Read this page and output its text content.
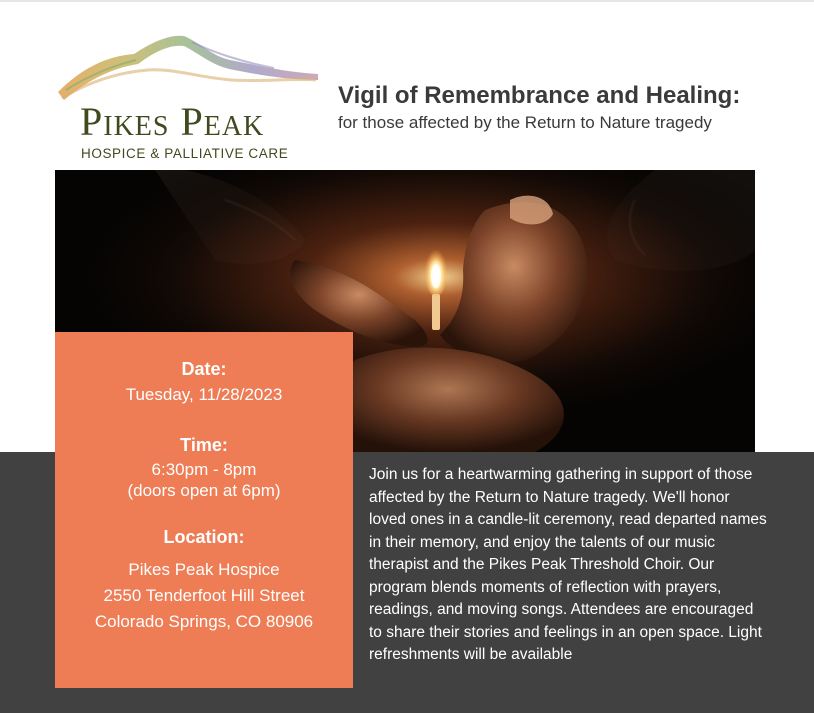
Pikes Peak
HOSPICE & PALLIATIVE CARE
Vigil of Remembrance and Healing:
for those affected by the Return to Nature tragedy
Date:
Tuesday, 11/28/2023
Time:
6:30pm - 8pm
(doors open at 6pm)
Location:
Pikes Peak Hospice
2550 Tenderfoot Hill Street
Colorado Springs, CO 80906
Join us for a heartwarming gathering in support of those affected by the Return to Nature tragedy. We'll honor loved ones in a candle-lit ceremony, read departed names in their memory, and enjoy the talents of our music therapist and the Pikes Peak Threshold Choir. Our program blends moments of reflection with prayers, readings, and moving songs. Attendees are encouraged to share their stories and feelings in an open space. Light refreshments will be available
